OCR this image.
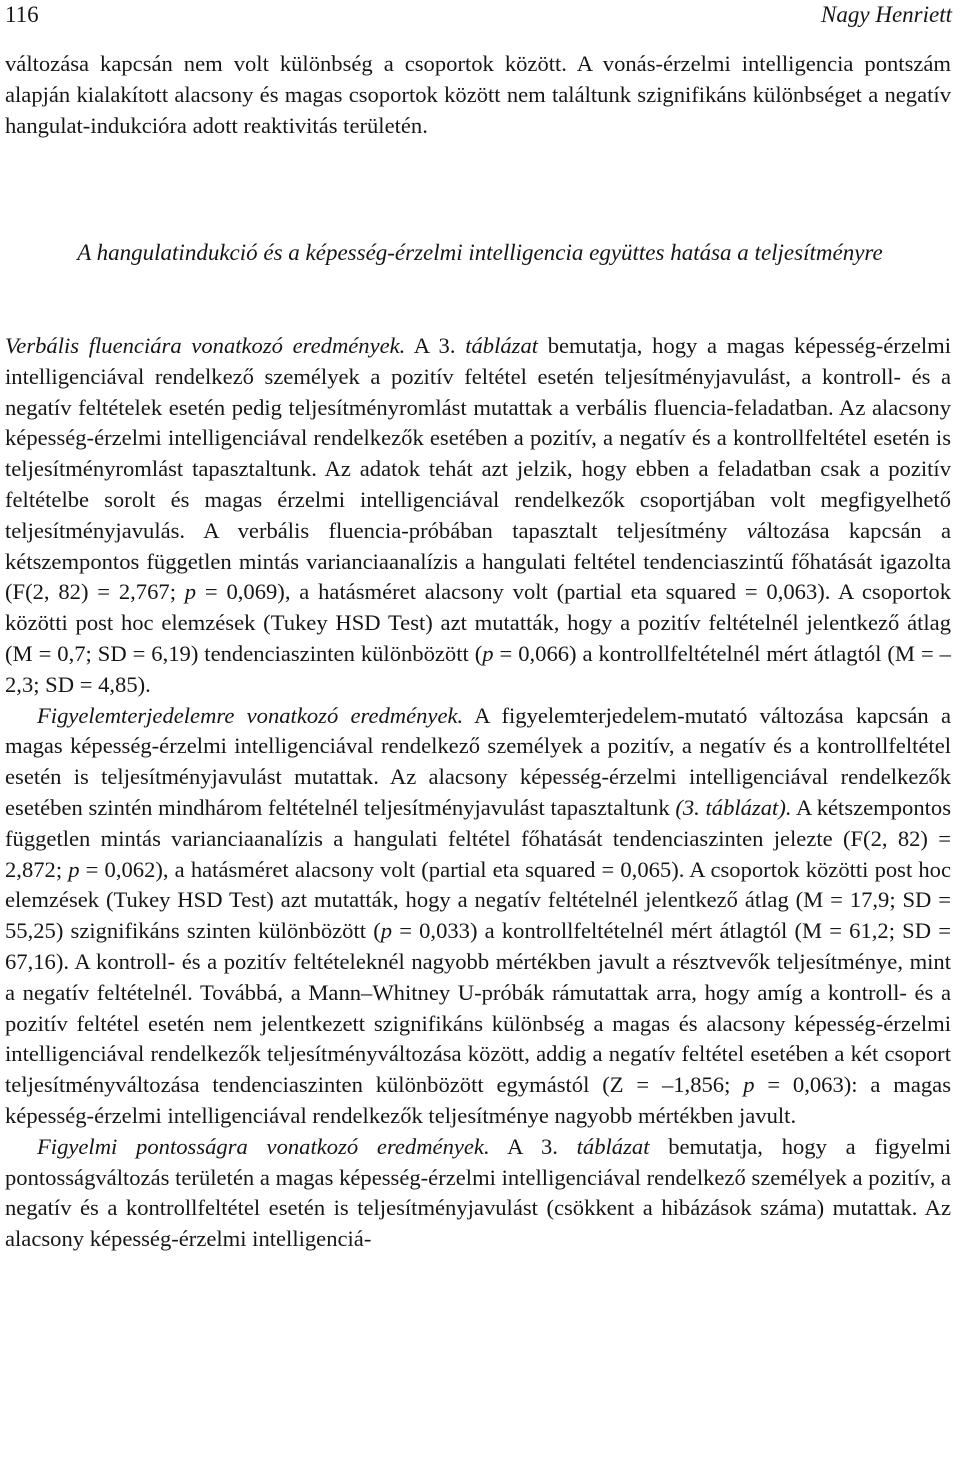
116	Nagy Henriett

változása kapcsán nem volt különbség a csoportok között. A vonás-érzelmi intelligencia pontszám alapján kialakított alacsony és magas csoportok között nem találtunk szignifikáns különbséget a negatív hangulat-indukcióra adott reaktivitás területén.

A hangulatindukció és a képesség-érzelmi intelligencia együttes hatása a teljesítményre

Verbális fluenciára vonatkozó eredmények. A 3. táblázat bemutatja, hogy a magas képesség-érzelmi intelligenciával rendelkező személyek a pozitív feltétel esetén teljesítményjavulást, a kontroll- és a negatív feltételek esetén pedig teljesítményromlást mutattak a verbális fluencia-feladatban. Az alacsony képesség-érzelmi intelligenciával rendelkezők esetében a pozitív, a negatív és a kontrollfeltétel esetén is teljesítményromlást tapasztaltunk. Az adatok tehát azt jelzik, hogy ebben a feladatban csak a pozitív feltételbe sorolt és magas érzelmi intelligenciával rendelkezők csoportjában volt megfigyelhető teljesítményjavulás. A verbális fluencia-próbában tapasztalt teljesítmény változása kapcsán a kétszempontos független mintás varianciaanalízis a hangulati feltétel tendenciaszintű főhatását igazolta (F(2, 82) = 2,767; p = 0,069), a hatásméret alacsony volt (partial eta squared = 0,063). A csoportok közötti post hoc elemzések (Tukey HSD Test) azt mutatták, hogy a pozitív feltételnél jelentkező átlag (M = 0,7; SD = 6,19) tendenciaszinten különbözött (p = 0,066) a kontrollfeltételnél mért átlagtól (M = –2,3; SD = 4,85).

Figyelemterjedelemre vonatkozó eredmények. A figyelemterjedelem-mutató változása kapcsán a magas képesség-érzelmi intelligenciával rendelkező személyek a pozitív, a negatív és a kontrollfeltétel esetén is teljesítményjavulást mutattak. Az alacsony képesség-érzelmi intelligenciával rendelkezők esetében szintén mindhárom feltételnél teljesítményjavulást tapasztaltunk (3. táblázat). A kétszempontos független mintás varianciaanalízis a hangulati feltétel főhatását tendenciaszinten jelezte (F(2, 82) = 2,872; p = 0,062), a hatásméret alacsony volt (partial eta squared = 0,065). A csoportok közötti post hoc elemzések (Tukey HSD Test) azt mutatták, hogy a negatív feltételnél jelentkező átlag (M = 17,9; SD = 55,25) szignifikáns szinten különbözött (p = 0,033) a kontrollfeltételnél mért átlagtól (M = 61,2; SD = 67,16). A kontroll- és a pozitív feltételeknél nagyobb mértékben javult a résztvevők teljesítménye, mint a negatív feltételnél. Továbbá, a Mann–Whitney U-próbák rámutattak arra, hogy amíg a kontroll- és a pozitív feltétel esetén nem jelentkezett szignifikáns különbség a magas és alacsony képesség-érzelmi intelligenciával rendelkezők teljesítményváltozása között, addig a negatív feltétel esetében a két csoport teljesítményváltozása tendenciaszinten különbözött egymástól (Z = –1,856; p = 0,063): a magas képesség-érzelmi intelligenciával rendelkezők teljesítménye nagyobb mértékben javult.

Figyelmi pontosságra vonatkozó eredmények. A 3. táblázat bemutatja, hogy a figyelmi pontosságváltozás területén a magas képesség-érzelmi intelligenciával rendelkező személyek a pozitív, a negatív és a kontrollfeltétel esetén is teljesítményjavulást (csökkent a hibázások száma) mutattak. Az alacsony képesség-érzelmi intelligenciá-
